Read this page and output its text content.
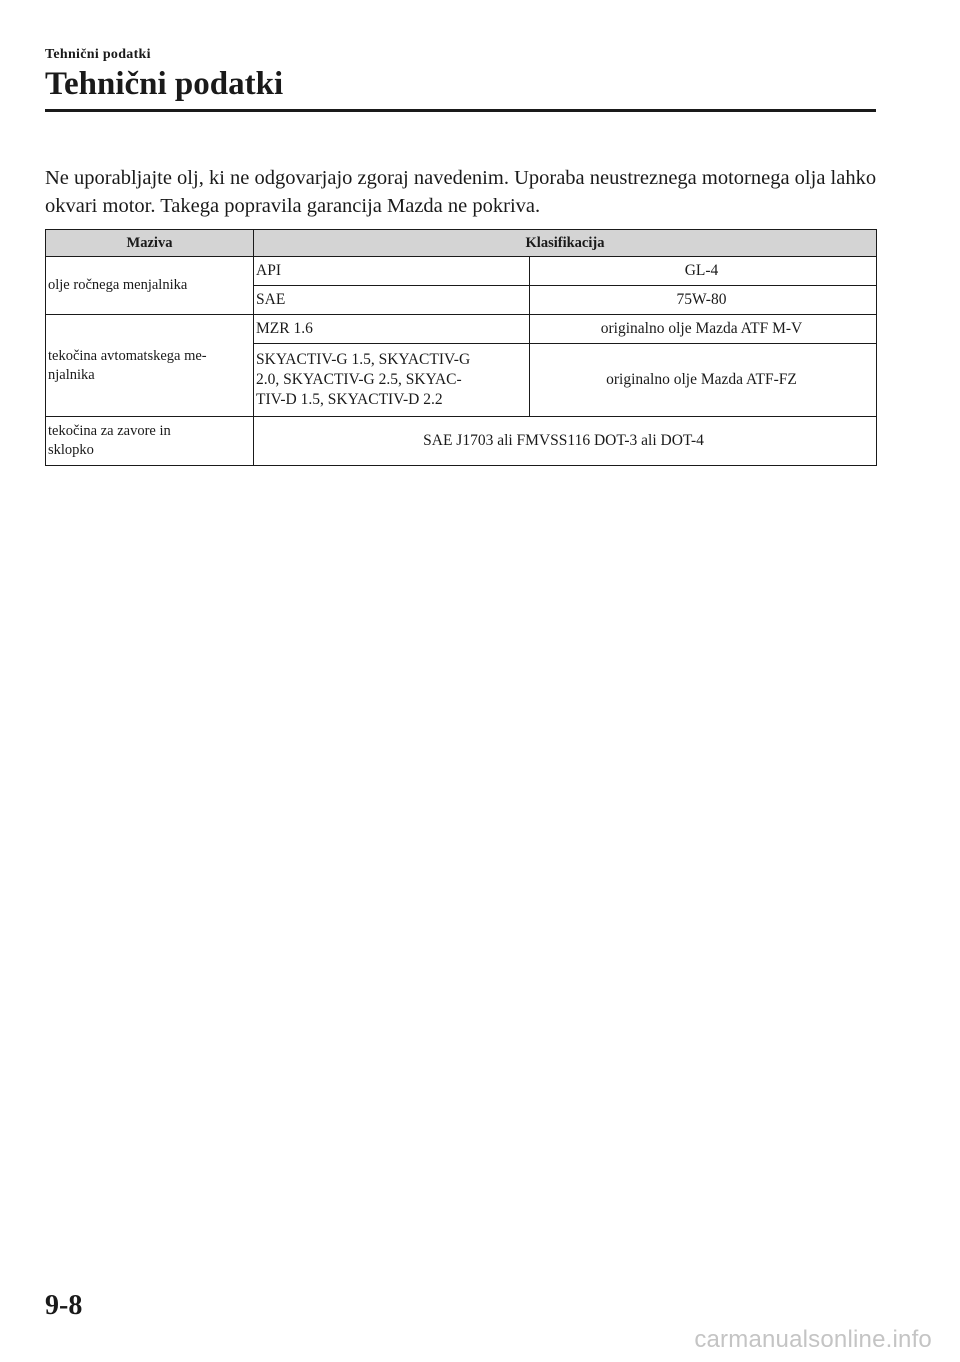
Tehnični podatki
Tehnični podatki

Ne uporabljajte olj, ki ne odgovarjajo zgoraj navedenim. Uporaba neustreznega motornega olja lahko okvari motor. Takega popravila garancija Mazda ne pokriva.

Maziva	Klasifikacija	
olje ročnega menjalnika	API	GL-4
	SAE	75W-80
tekočina avtomatskega me-
njalnika	MZR 1.6	originalno olje Mazda ATF M-V
	SKYACTIV-G 1.5, SKYACTIV-G
2.0, SKYACTIV-G 2.5, SKYAC-
TIV-D 1.5, SKYACTIV-D 2.2	originalno olje Mazda ATF-FZ
tekočina za zavore in
sklopko	SAE J1703 ali FMVSS116 DOT-3 ali DOT-4	
9-8
carmanualsonline.info
